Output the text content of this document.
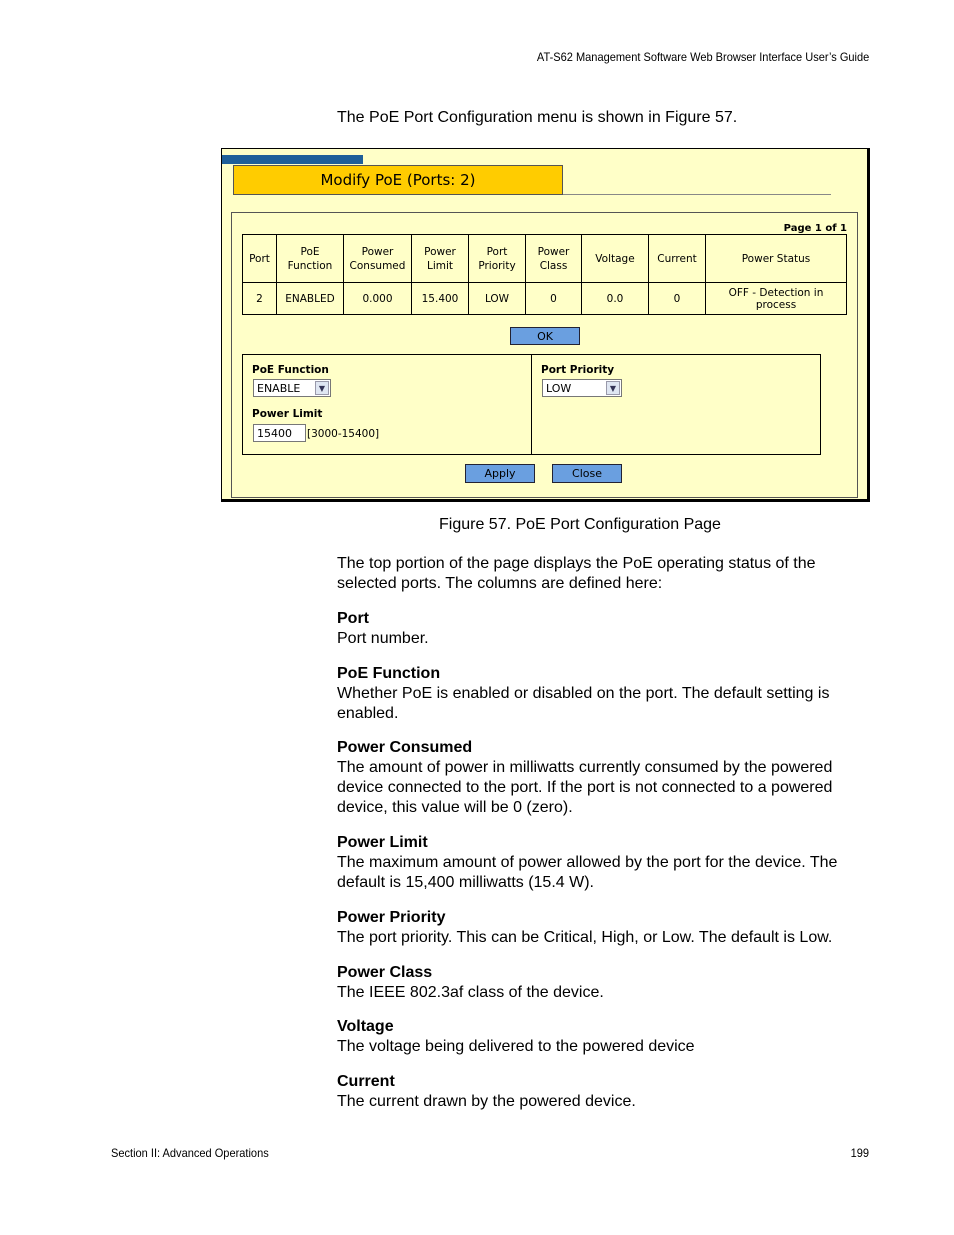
AT-S62 Management Software Web Browser Interface User’s Guide
The PoE Port Configuration menu is shown in Figure 57.
Modify PoE (Ports: 2)
Page 1 of 1
Port	PoE Function	Power Consumed	Power Limit	Port Priority	Power Class	Voltage	Current	Power Status
2	ENABLED	0.000	15.400	LOW	0	0.0	0	OFF - Detection in process
OK
PoE Function
ENABLE	▼
Power Limit
15400	[3000-15400]
Port Priority
LOW	▼
Apply	Close
Figure 57. PoE Port Configuration Page
The top portion of the page displays the PoE operating status of the selected ports. The columns are defined here:
Port
Port number.
PoE Function
Whether PoE is enabled or disabled on the port. The default setting is enabled.
Power Consumed
The amount of power in milliwatts currently consumed by the powered device connected to the port. If the port is not connected to a powered device, this value will be 0 (zero).
Power Limit
The maximum amount of power allowed by the port for the device. The default is 15,400 milliwatts (15.4 W).
Power Priority
The port priority. This can be Critical, High, or Low. The default is Low.
Power Class
The IEEE 802.3af class of the device.
Voltage
The voltage being delivered to the powered device
Current
The current drawn by the powered device.
Section II: Advanced Operations	199
